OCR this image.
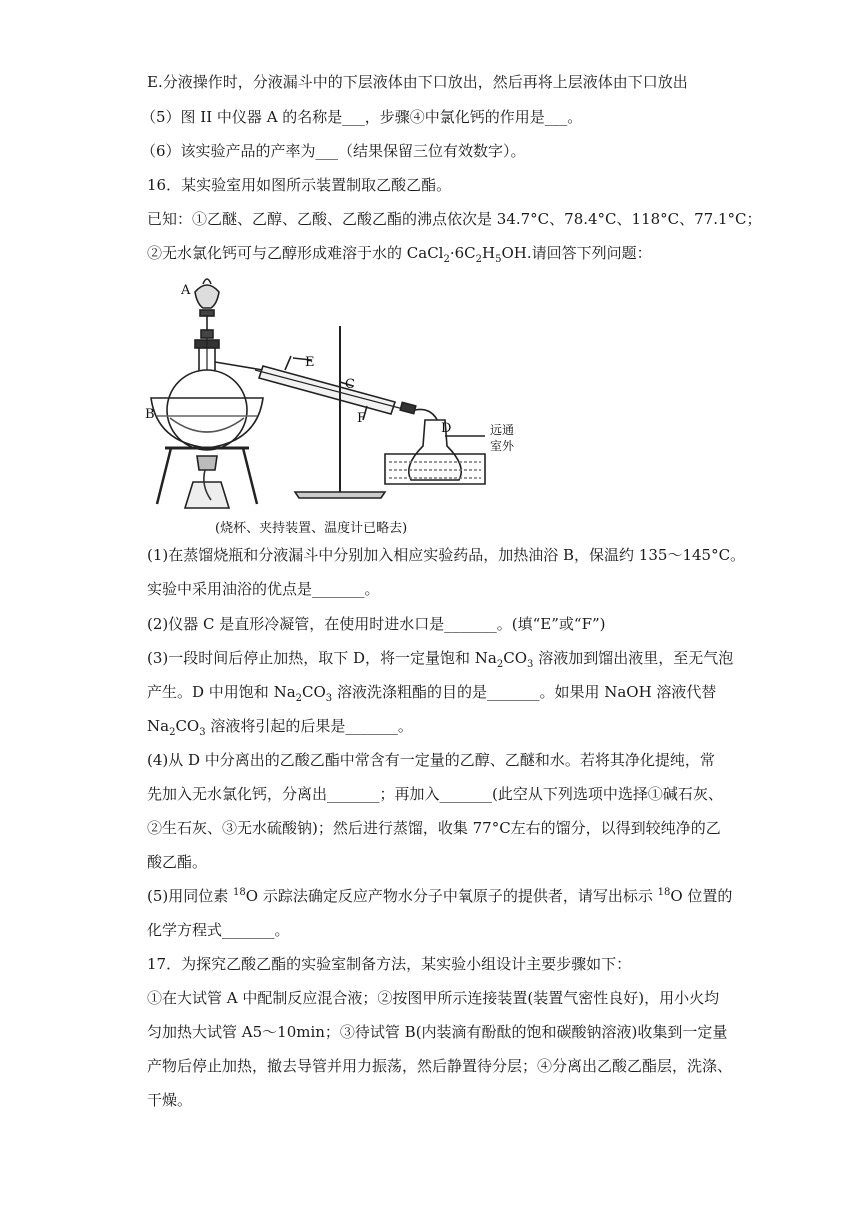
E.分液操作时，分液漏斗中的下层液体由下口放出，然后再将上层液体由下口放出
（5）图 II 中仪器 A 的名称是___，步骤④中氯化钙的作用是___。
（6）该实验产品的产率为___（结果保留三位有效数字）。
16．某实验室用如图所示装置制取乙酸乙酯。
已知：①乙醚、乙醇、乙酸、乙酸乙酯的沸点依次是 34.7°C、78.4°C、118°C、77.1°C；
②无水氯化钙可与乙醇形成难溶于水的 $CaCl_2\cdot 6C_2H_5OH$.请回答下列问题：
A
B
C
D
E
F
远通
室外
(烧杯、夹持装置、温度计已略去)
(1)在蒸馏烧瓶和分液漏斗中分别加入相应实验药品，加热油浴 B，保温约 135～145°C。
实验中采用油浴的优点是_______。
(2)仪器 C 是直形冷凝管，在使用时进水口是_______。(填“E”或“F”)
(3)一段时间后停止加热，取下 D，将一定量饱和 $Na_2CO_3$ 溶液加到馏出液里，至无气泡
产生。D 中用饱和 $Na_2CO_3$ 溶液洗涤粗酯的目的是_______。如果用 NaOH 溶液代替
$Na_2CO_3$ 溶液将引起的后果是_______。
(4)从 D 中分离出的乙酸乙酯中常含有一定量的乙醇、乙醚和水。若将其净化提纯，常
先加入无水氯化钙，分离出_______；再加入_______(此空从下列选项中选择①碱石灰、
②生石灰、③无水硫酸钠)；然后进行蒸馏，收集 77°C左右的馏分，以得到较纯净的乙
酸乙酯。
(5)用同位素 $^{18}$O 示踪法确定反应产物水分子中氧原子的提供者，请写出标示 $^{18}$O 位置的
化学方程式_______。
17．为探究乙酸乙酯的实验室制备方法，某实验小组设计主要步骤如下：
①在大试管 A 中配制反应混合液；②按图甲所示连接装置(装置气密性良好)，用小火均
匀加热大试管 A5～10min；③待试管 B(内装滴有酚酞的饱和碳酸钠溶液)收集到一定量
产物后停止加热，撤去导管并用力振荡，然后静置待分层；④分离出乙酸乙酯层，洗涤、
干燥。
